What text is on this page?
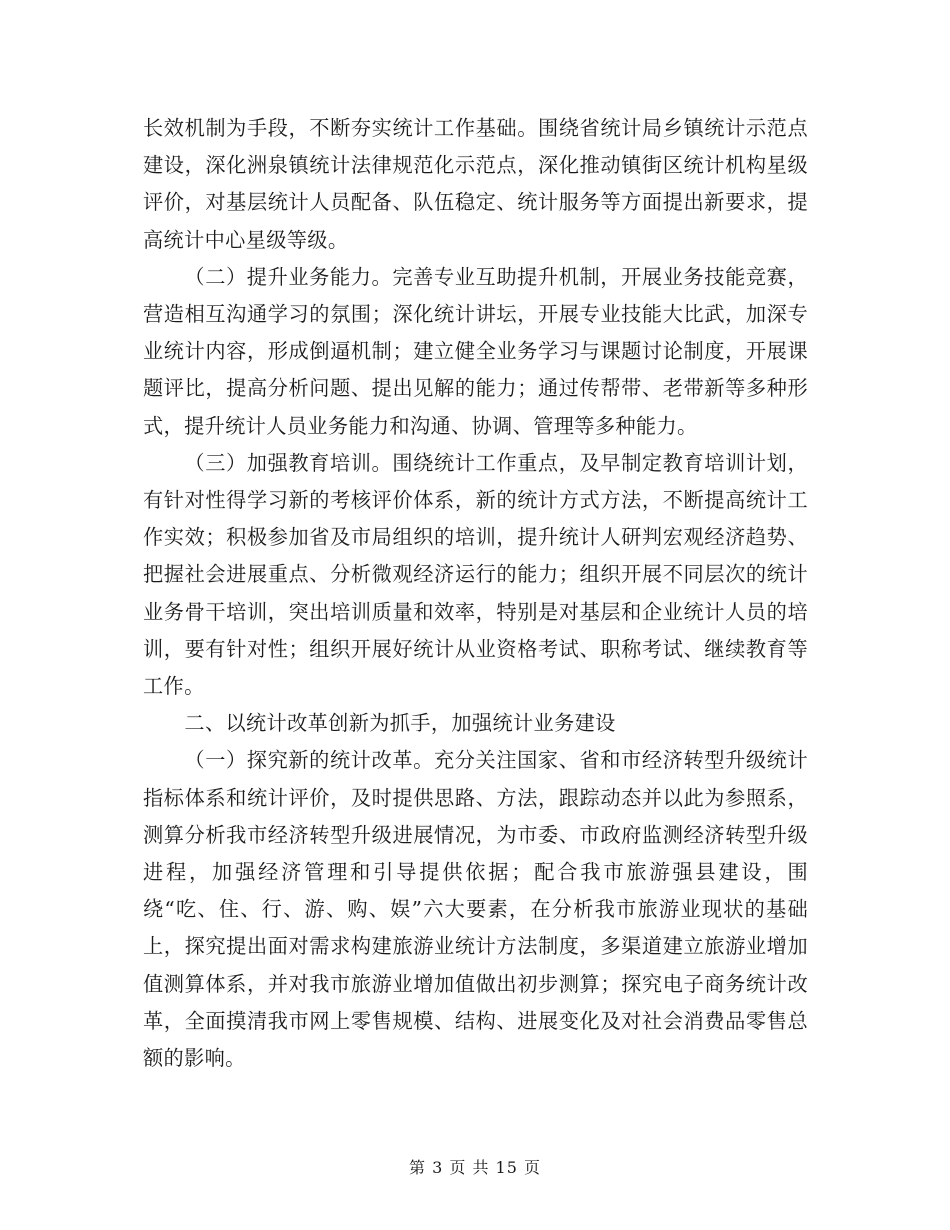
长效机制为手段，不断夯实统计工作基础。围绕省统计局乡镇统计示范点建设，深化洲泉镇统计法律规范化示范点，深化推动镇街区统计机构星级评价，对基层统计人员配备、队伍稳定、统计服务等方面提出新要求，提高统计中心星级等级。

（二）提升业务能力。完善专业互助提升机制，开展业务技能竞赛，营造相互沟通学习的氛围；深化统计讲坛，开展专业技能大比武，加深专业统计内容，形成倒逼机制；建立健全业务学习与课题讨论制度，开展课题评比，提高分析问题、提出见解的能力；通过传帮带、老带新等多种形式，提升统计人员业务能力和沟通、协调、管理等多种能力。

（三）加强教育培训。围绕统计工作重点，及早制定教育培训计划，有针对性得学习新的考核评价体系，新的统计方式方法，不断提高统计工作实效；积极参加省及市局组织的培训，提升统计人研判宏观经济趋势、把握社会进展重点、分析微观经济运行的能力；组织开展不同层次的统计业务骨干培训，突出培训质量和效率，特别是对基层和企业统计人员的培训，要有针对性；组织开展好统计从业资格考试、职称考试、继续教育等工作。

二、以统计改革创新为抓手，加强统计业务建设

（一）探究新的统计改革。充分关注国家、省和市经济转型升级统计指标体系和统计评价，及时提供思路、方法，跟踪动态并以此为参照系，测算分析我市经济转型升级进展情况，为市委、市政府监测经济转型升级进程，加强经济管理和引导提供依据；配合我市旅游强县建设，围绕“吃、住、行、游、购、娱”六大要素，在分析我市旅游业现状的基础上，探究提出面对需求构建旅游业统计方法制度，多渠道建立旅游业增加值测算体系，并对我市旅游业增加值做出初步测算；探究电子商务统计改革，全面摸清我市网上零售规模、结构、进展变化及对社会消费品零售总额的影响。

第 3 页 共 15 页
